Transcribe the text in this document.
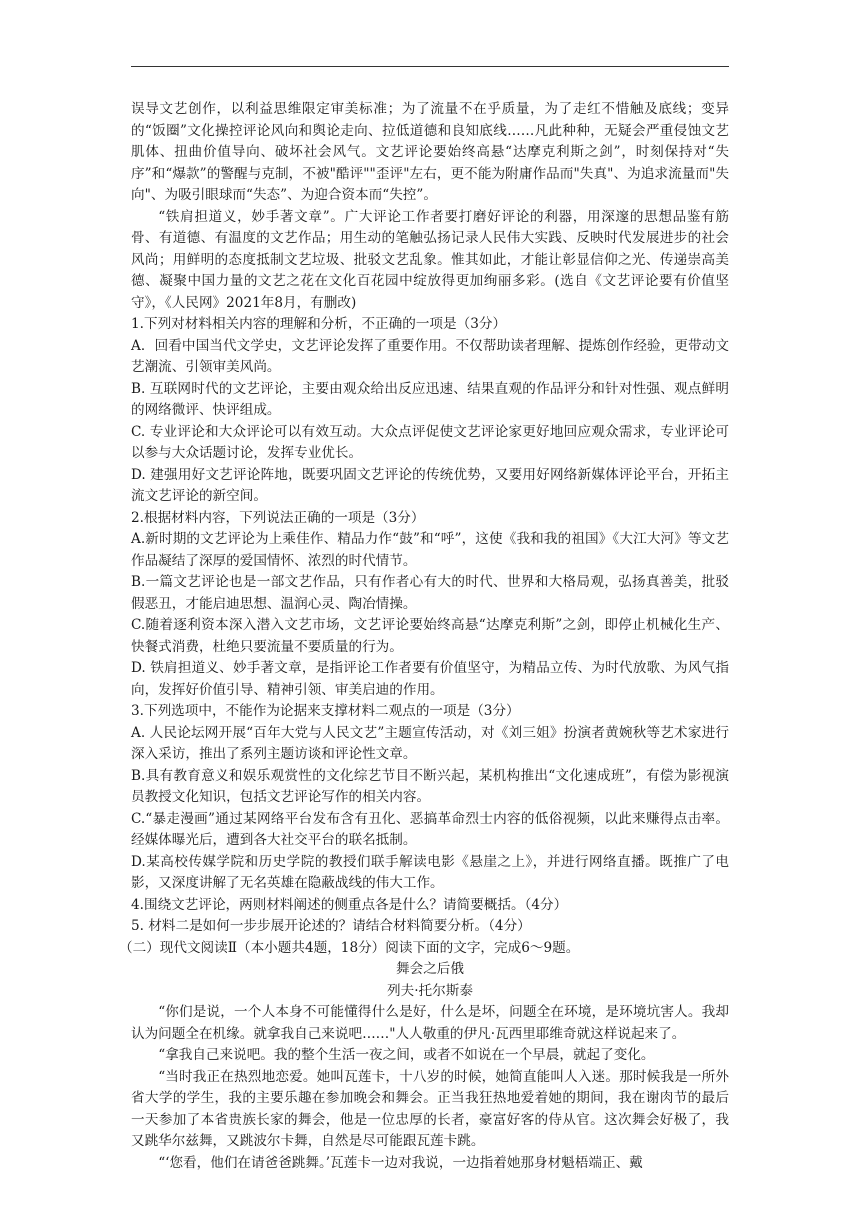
误导文艺创作，以利益思维限定审美标准；为了流量不在乎质量，为了走红不惜触及底线；变异的“饭圈”文化操控评论风向和舆论走向、拉低道德和良知底线……凡此种种，无疑会严重侵蚀文艺肌体、扭曲价值导向、破坏社会风气。文艺评论要始终高悬“达摩克利斯之剑”，时刻保持对“失序”和“爆款”的警醒与克制，不被"酷评""歪评"左右，更不能为附庸作品而"失真"、为追求流量而"失向"、为吸引眼球而“失态”、为迎合资本而“失控”。

“铁肩担道义，妙手著文章”。广大评论工作者要打磨好评论的利器，用深邃的思想品鉴有筋骨、有道德、有温度的文艺作品；用生动的笔触弘扬记录人民伟大实践、反映时代发展进步的社会风尚；用鲜明的态度抵制文艺垃圾、批驳文艺乱象。惟其如此，才能让彰显信仰之光、传递崇高美德、凝聚中国力量的文艺之花在文化百花园中绽放得更加绚丽多彩。(选自《文艺评论要有价值坚守》，《人民网》2021年8月，有删改)

1.下列对材料相关内容的理解和分析，不正确的一项是（3分）

A．回看中国当代文学史，文艺评论发挥了重要作用。不仅帮助读者理解、提炼创作经验，更带动文艺潮流、引领审美风尚。

B. 互联网时代的文艺评论，主要由观众给出反应迅速、结果直观的作品评分和针对性强、观点鲜明的网络微评、快评组成。

C. 专业评论和大众评论可以有效互动。大众点评促使文艺评论家更好地回应观众需求，专业评论可以参与大众话题讨论，发挥专业优长。

D. 建强用好文艺评论阵地，既要巩固文艺评论的传统优势，又要用好网络新媒体评论平台，开拓主流文艺评论的新空间。

2.根据材料内容，下列说法正确的一项是（3分）

A.新时期的文艺评论为上乘佳作、精品力作“鼓”和“呼”，这使《我和我的祖国》《大江大河》等文艺作品凝结了深厚的爱国情怀、浓烈的时代情节。

B.一篇文艺评论也是一部文艺作品，只有作者心有大的时代、世界和大格局观，弘扬真善美，批驳假恶丑，才能启迪思想、温润心灵、陶冶情操。

C.随着逐利资本深入潜入文艺市场，文艺评论要始终高悬“达摩克利斯”之剑，即停止机械化生产、快餐式消费，杜绝只要流量不要质量的行为。

D. 铁肩担道义、妙手著文章，是指评论工作者要有价值坚守，为精品立传、为时代放歌、为风气指向，发挥好价值引导、精神引领、审美启迪的作用。

3.下列选项中，不能作为论据来支撑材料二观点的一项是（3分）

A. 人民论坛网开展“百年大党与人民文艺”主题宣传活动，对《刘三姐》扮演者黄婉秋等艺术家进行深入采访，推出了系列主题访谈和评论性文章。

B.具有教育意义和娱乐观赏性的文化综艺节目不断兴起，某机构推出“文化速成班”，有偿为影视演员教授文化知识，包括文艺评论写作的相关内容。

C.“暴走漫画”通过某网络平台发布含有丑化、恶搞革命烈士内容的低俗视频，以此来赚得点击率。经媒体曝光后，遭到各大社交平台的联名抵制。

D.某高校传媒学院和历史学院的教授们联手解读电影《悬崖之上》，并进行网络直播。既推广了电影，又深度讲解了无名英雄在隐蔽战线的伟大工作。

4.围绕文艺评论，两则材料阐述的侧重点各是什么？请简要概括。（4分）

5. 材料二是如何一步步展开论述的？请结合材料简要分析。（4分）

（二）现代文阅读Ⅱ（本小题共4题，18分）阅读下面的文字，完成6～9题。

舞会之后俄

列夫·托尔斯泰

“你们是说，一个人本身不可能懂得什么是好，什么是坏，问题全在环境，是环境坑害人。我却认为问题全在机缘。就拿我自己来说吧……"人人敬重的伊凡·瓦西里耶维奇就这样说起来了。

“拿我自己来说吧。我的整个生活一夜之间，或者不如说在一个早晨，就起了变化。

“当时我正在热烈地恋爱。她叫瓦莲卡，十八岁的时候，她简直能叫人入迷。那时候我是一所外省大学的学生，我的主要乐趣在参加晚会和舞会。正当我狂热地爱着她的期间，我在谢肉节的最后一天参加了本省贵族长家的舞会，他是一位忠厚的长者，豪富好客的侍从官。这次舞会好极了，我又跳华尔兹舞，又跳波尔卡舞，自然是尽可能跟瓦莲卡跳。

“‘您看，他们在请爸爸跳舞。’瓦莲卡一边对我说，一边指着她那身材魁梧端正、戴
